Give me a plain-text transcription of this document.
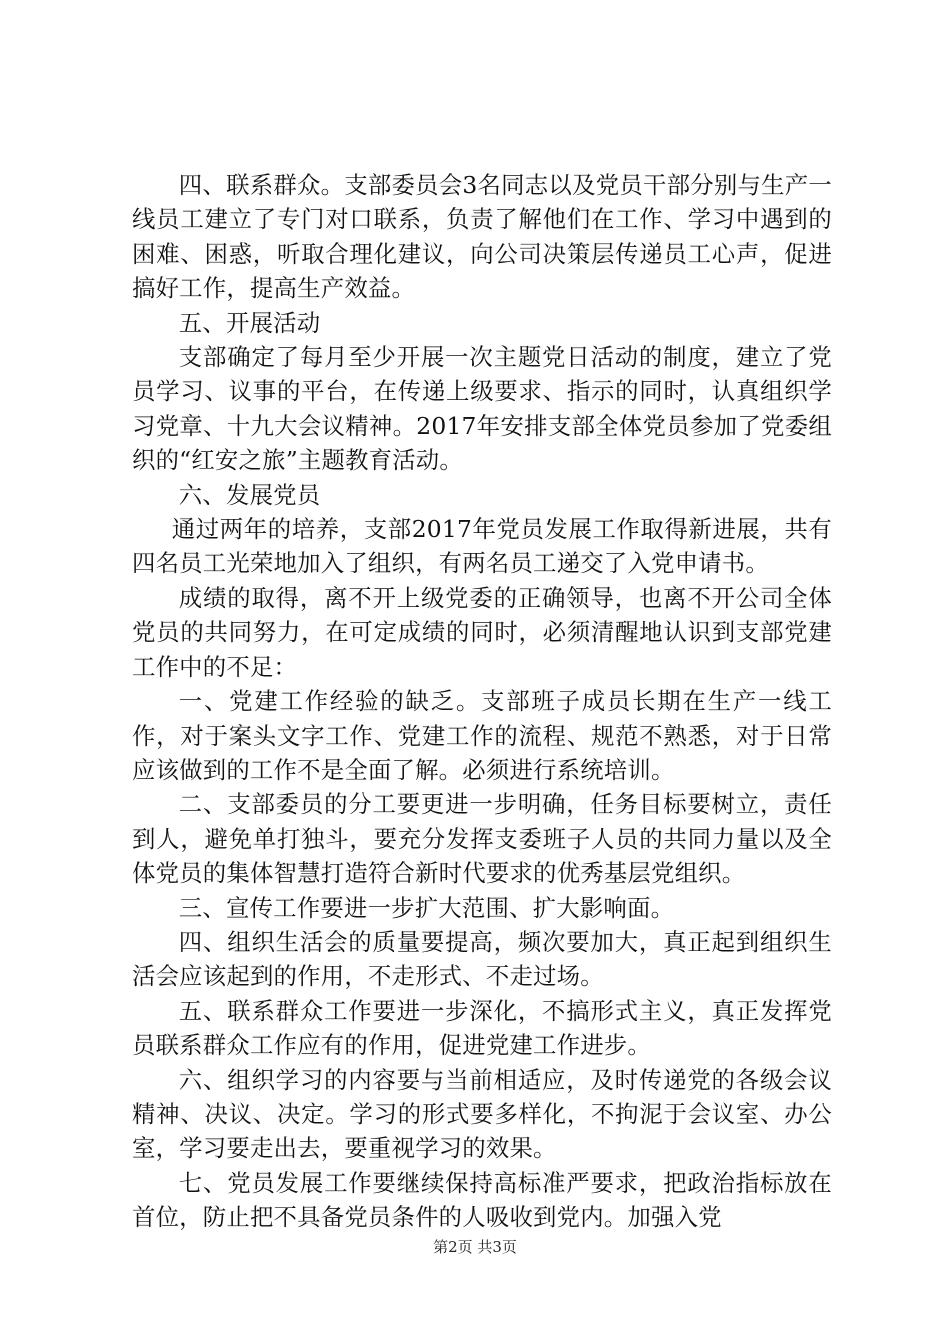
四、联系群众。支部委员会3名同志以及党员干部分别与生产一线员工建立了专门对口联系，负责了解他们在工作、学习中遇到的困难、困惑，听取合理化建议，向公司决策层传递员工心声，促进搞好工作，提高生产效益。

五、开展活动

支部确定了每月至少开展一次主题党日活动的制度，建立了党员学习、议事的平台，在传递上级要求、指示的同时，认真组织学习党章、十九大会议精神。2017年安排支部全体党员参加了党委组织的“红安之旅”主题教育活动。

六、发展党员

通过两年的培养，支部2017年党员发展工作取得新进展，共有四名员工光荣地加入了组织，有两名员工递交了入党申请书。

成绩的取得，离不开上级党委的正确领导，也离不开公司全体党员的共同努力，在可定成绩的同时，必须清醒地认识到支部党建工作中的不足：

一、党建工作经验的缺乏。支部班子成员长期在生产一线工作，对于案头文字工作、党建工作的流程、规范不熟悉，对于日常应该做到的工作不是全面了解。必须进行系统培训。

二、支部委员的分工要更进一步明确，任务目标要树立，责任到人，避免单打独斗，要充分发挥支委班子人员的共同力量以及全体党员的集体智慧打造符合新时代要求的优秀基层党组织。

三、宣传工作要进一步扩大范围、扩大影响面。

四、组织生活会的质量要提高，频次要加大，真正起到组织生活会应该起到的作用，不走形式、不走过场。

五、联系群众工作要进一步深化，不搞形式主义，真正发挥党员联系群众工作应有的作用，促进党建工作进步。

六、组织学习的内容要与当前相适应，及时传递党的各级会议精神、决议、决定。学习的形式要多样化，不拘泥于会议室、办公室，学习要走出去，要重视学习的效果。

七、党员发展工作要继续保持高标准严要求，把政治指标放在首位，防止把不具备党员条件的人吸收到党内。加强入党

第2页 共3页
